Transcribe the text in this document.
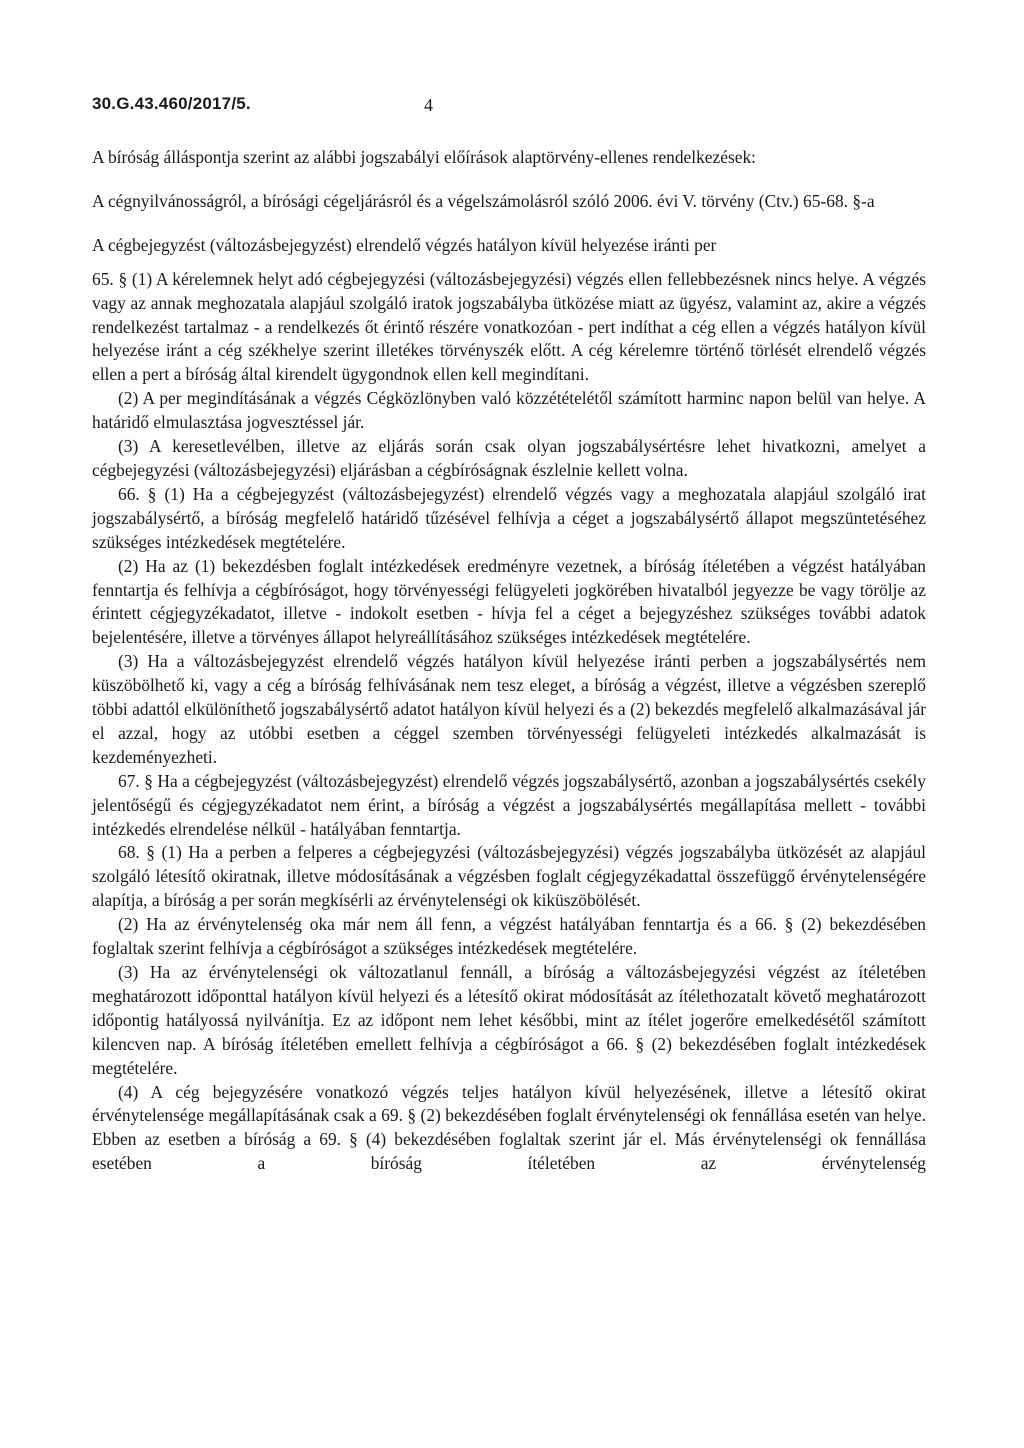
30.G.43.460/2017/5.	4

A bíróság álláspontja szerint az alábbi jogszabályi előírások alaptörvény-ellenes rendelkezések:

A cégnyilvánosságról, a bírósági cégeljárásról és a végelszámolásról szóló 2006. évi V. törvény (Ctv.) 65-68. §-a

A cégbejegyzést (változásbejegyzést) elrendelő végzés hatályon kívül helyezése iránti per

65. § (1) A kérelemnek helyt adó cégbejegyzési (változásbejegyzési) végzés ellen fellebbezésnek nincs helye. A végzés vagy az annak meghozatala alapjául szolgáló iratok jogszabályba ütközése miatt az ügyész, valamint az, akire a végzés rendelkezést tartalmaz - a rendelkezés őt érintő részére vonatkozóan - pert indíthat a cég ellen a végzés hatályon kívül helyezése iránt a cég székhelye szerint illetékes törvényszék előtt. A cég kérelemre történő törlését elrendelő végzés ellen a pert a bíróság által kirendelt ügygondnok ellen kell megindítani.

(2) A per megindításának a végzés Cégközlönyben való közzétételétől számított harminc napon belül van helye. A határidő elmulasztása jogvesztéssel jár.

(3) A keresetlevélben, illetve az eljárás során csak olyan jogszabálysértésre lehet hivatkozni, amelyet a cégbejegyzési (változásbejegyzési) eljárásban a cégbíróságnak észlelnie kellett volna.

66. § (1) Ha a cégbejegyzést (változásbejegyzést) elrendelő végzés vagy a meghozatala alapjául szolgáló irat jogszabálysértő, a bíróság megfelelő határidő tűzésével felhívja a céget a jogszabálysértő állapot megszüntetéséhez szükséges intézkedések megtételére.

(2) Ha az (1) bekezdésben foglalt intézkedések eredményre vezetnek, a bíróság ítéletében a végzést hatályában fenntartja és felhívja a cégbíróságot, hogy törvényességi felügyeleti jogkörében hivatalból jegyezze be vagy törölje az érintett cégjegyzékadatot, illetve - indokolt esetben - hívja fel a céget a bejegyzéshez szükséges további adatok bejelentésére, illetve a törvényes állapot helyreállításához szükséges intézkedések megtételére.

(3) Ha a változásbejegyzést elrendelő végzés hatályon kívül helyezése iránti perben a jogszabálysértés nem küszöbölhető ki, vagy a cég a bíróság felhívásának nem tesz eleget, a bíróság a végzést, illetve a végzésben szereplő többi adattól elkülöníthető jogszabálysértő adatot hatályon kívül helyezi és a (2) bekezdés megfelelő alkalmazásával jár el azzal, hogy az utóbbi esetben a céggel szemben törvényességi felügyeleti intézkedés alkalmazását is kezdeményezheti.

67. § Ha a cégbejegyzést (változásbejegyzést) elrendelő végzés jogszabálysértő, azonban a jogszabálysértés csekély jelentőségű és cégjegyzékadatot nem érint, a bíróság a végzést a jogszabálysértés megállapítása mellett - további intézkedés elrendelése nélkül - hatályában fenntartja.

68. § (1) Ha a perben a felperes a cégbejegyzési (változásbejegyzési) végzés jogszabályba ütközését az alapjául szolgáló létesítő okiratnak, illetve módosításának a végzésben foglalt cégjegyzékadattal összefüggő érvénytelenségére alapítja, a bíróság a per során megkísérli az érvénytelenségi ok kiküszöbölését.

(2) Ha az érvénytelenség oka már nem áll fenn, a végzést hatályában fenntartja és a 66. § (2) bekezdésében foglaltak szerint felhívja a cégbíróságot a szükséges intézkedések megtételére.

(3) Ha az érvénytelenségi ok változatlanul fennáll, a bíróság a változásbejegyzési végzést az ítéletében meghatározott időponttal hatályon kívül helyezi és a létesítő okirat módosítását az ítélethozatalt követő meghatározott időpontig hatályossá nyilvánítja. Ez az időpont nem lehet későbbi, mint az ítélet jogerőre emelkedésétől számított kilencven nap. A bíróság ítéletében emellett felhívja a cégbíróságot a 66. § (2) bekezdésében foglalt intézkedések megtételére.

(4) A cég bejegyzésére vonatkozó végzés teljes hatályon kívül helyezésének, illetve a létesítő okirat érvénytelensége megállapításának csak a 69. § (2) bekezdésében foglalt érvénytelenségi ok fennállása esetén van helye. Ebben az esetben a bíróság a 69. § (4) bekezdésében foglaltak szerint jár el. Más érvénytelenségi ok fennállása esetében a bíróság ítéletében az érvénytelenség
